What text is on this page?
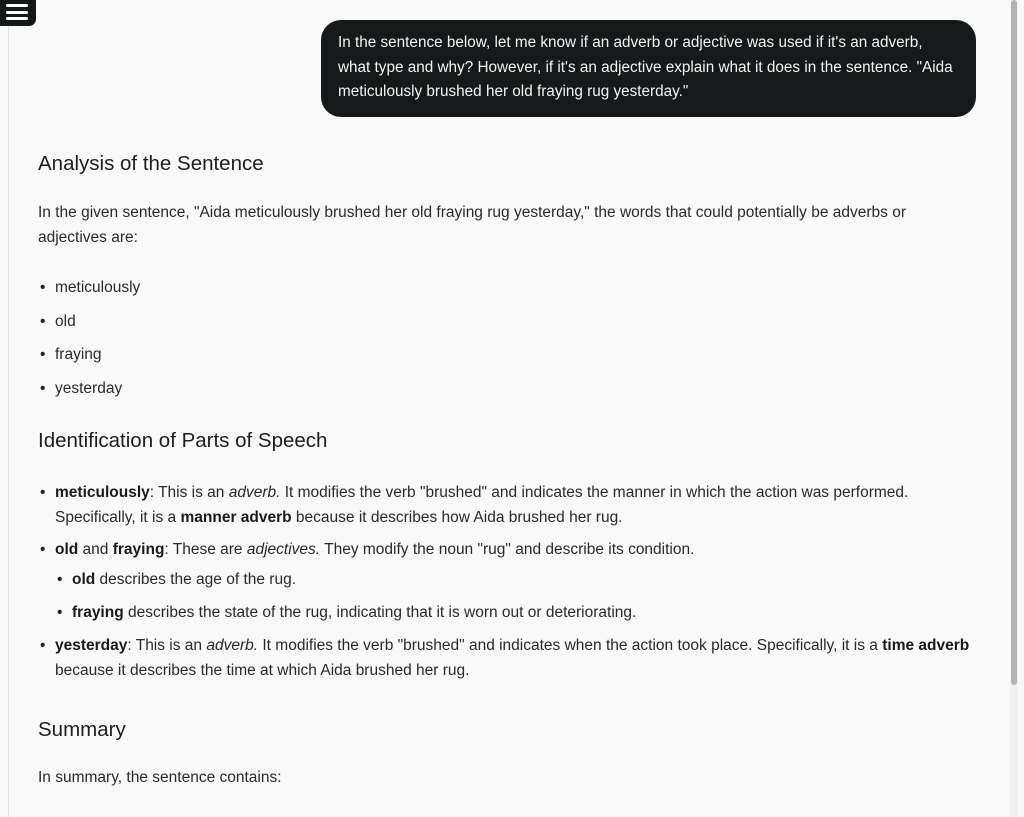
In the sentence below, let me know if an adverb or adjective was used if it's an adverb, what type and why? However, if it's an adjective explain what it does in the sentence. "Aida meticulously brushed her old fraying rug yesterday."
Analysis of the Sentence

In the given sentence, "Aida meticulously brushed her old fraying rug yesterday," the words that could potentially be adverbs or adjectives are:

• meticulously
• old
• fraying
• yesterday
Identification of Parts of Speech
• meticulously: This is an adverb. It modifies the verb "brushed" and indicates the manner in which the action was performed. Specifically, it is a manner adverb because it describes how Aida brushed her rug.
• old and fraying: These are adjectives. They modify the noun "rug" and describe its condition.
• old describes the age of the rug.
• fraying describes the state of the rug, indicating that it is worn out or deteriorating.
• yesterday: This is an adverb. It modifies the verb "brushed" and indicates when the action took place. Specifically, it is a time adverb because it describes the time at which Aida brushed her rug.
Summary

In summary, the sentence contains:
